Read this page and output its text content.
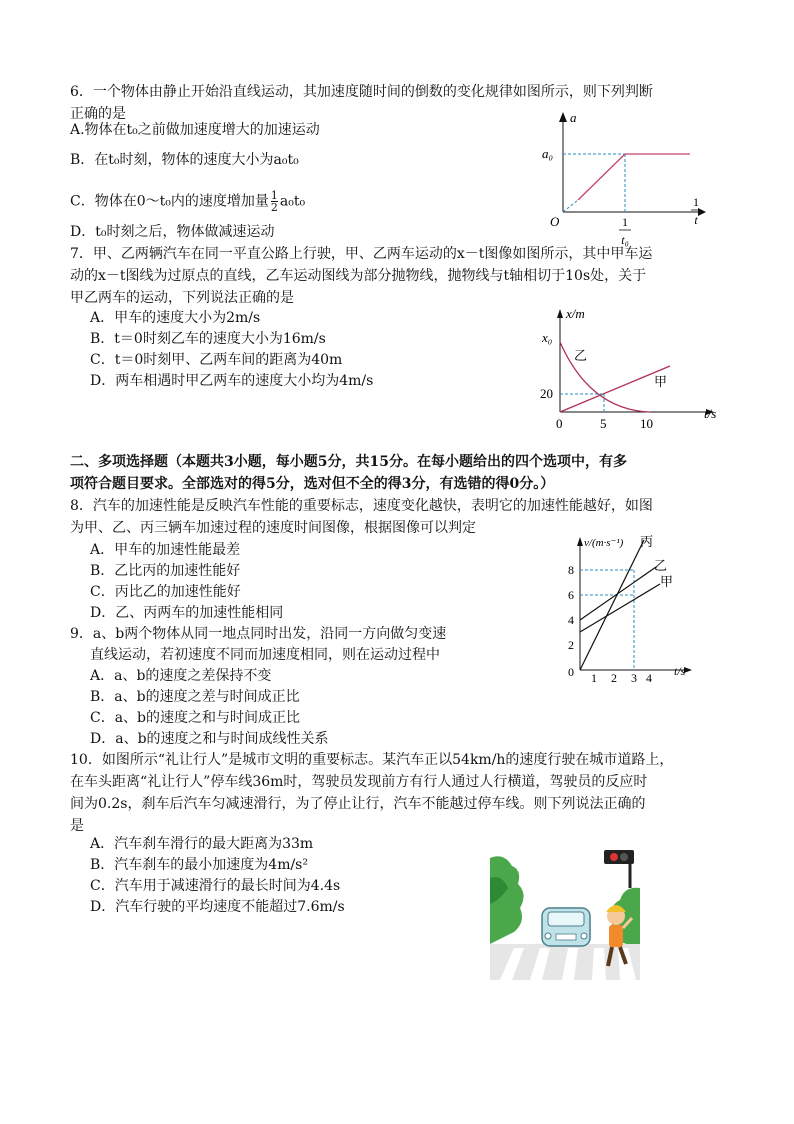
6．一个物体由静止开始沿直线运动，其加速度随时间的倒数的变化规律如图所示，则下列判断
正确的是
A.物体在t₀之前做加速度增大的加速运动
B．在t₀时刻，物体的速度大小为a₀t₀
C．物体在0～t₀内的速度增加量 $\frac{1}{2} a_0t_0$
D．t₀时刻之后，物体做减速运动
a
a₀
O
1
t
1
t₀
7．甲、乙两辆汽车在同一平直公路上行驶，甲、乙两车运动的x－t图像如图所示，其中甲车运
动的x－t图线为过原点的直线，乙车运动图线为部分抛物线，抛物线与t轴相切于10s处，关于
甲乙两车的运动，下列说法正确的是
A．甲车的速度大小为2m/s
B．t＝0时刻乙车的速度大小为16m/s
C．t＝0时刻甲、乙两车间的距离为40m
D．两车相遇时甲乙两车的速度大小均为4m/s
x/m
x₀
乙
甲
20
0	5	10
t/s
二、多项选择题（本题共3小题，每小题5分，共15分。在每小题给出的四个选项中，有多
项符合题目要求。全部选对的得5分，选对但不全的得3分，有选错的得0分。）
8．汽车的加速性能是反映汽车性能的重要标志，速度变化越快，表明它的加速性能越好，如图
为甲、乙、丙三辆车加速过程的速度时间图像，根据图像可以判定
A．甲车的加速性能最差
B．乙比丙的加速性能好
C．丙比乙的加速性能好
D．乙、丙两车的加速性能相同
v/(m·s⁻¹) 丙
乙
甲
8
6
4
2
0 1 2 3 4 t/s
9．a、b两个物体从同一地点同时出发，沿同一方向做匀变速
直线运动，若初速度不同而加速度相同，则在运动过程中
A．a、b的速度之差保持不变
B．a、b的速度之差与时间成正比
C．a、b的速度之和与时间成正比
D．a、b的速度之和与时间成线性关系
10．如图所示“礼让行人”是城市文明的重要标志。某汽车正以54km/h的速度行驶在城市道路上，
在车头距离“礼让行人”停车线36m时，驾驶员发现前方有行人通过人行横道，驾驶员的反应时
间为0.2s，刹车后汽车匀减速滑行，为了停止让行，汽车不能越过停车线。则下列说法正确的
是
A．汽车刹车滑行的最大距离为33m
B．汽车刹车的最小加速度为4m/s²
C．汽车用于减速滑行的最长时间为4.4s
D．汽车行驶的平均速度不能超过7.6m/s
